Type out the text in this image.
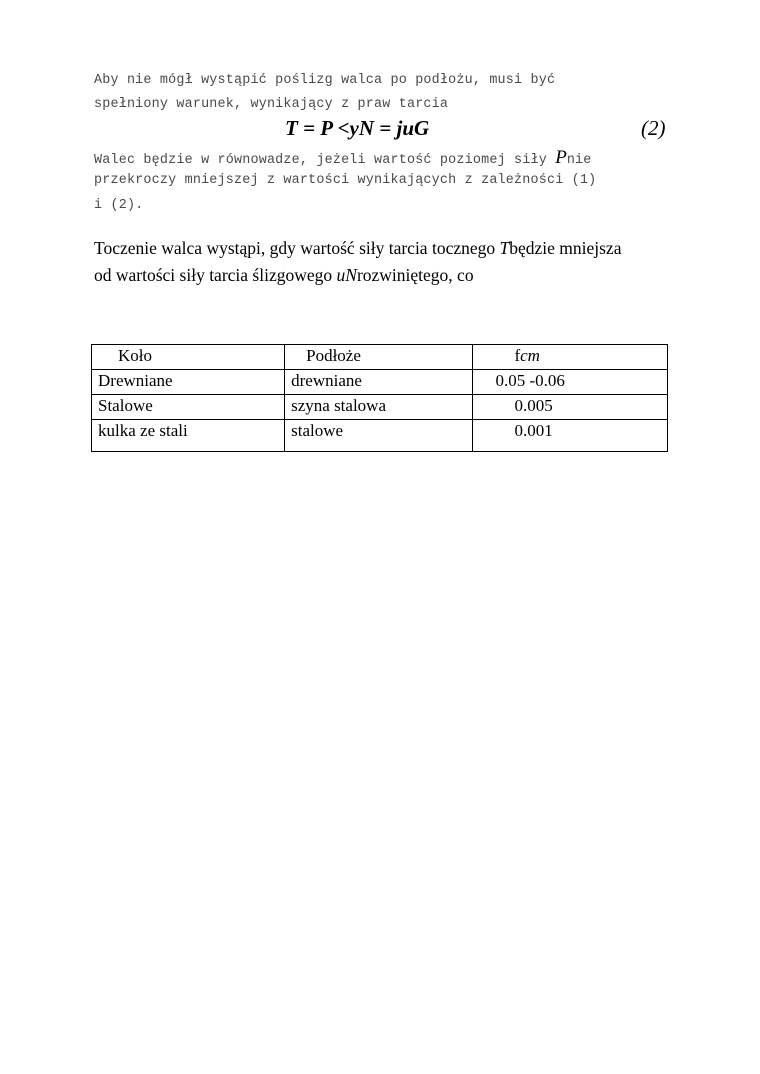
Aby nie mógł wystąpić poślizg walca po podłożu, musi być
spełniony warunek, wynikający z praw tarcia
T = P <yN = juG	(2)
Walec będzie w równowadze, jeżeli wartość poziomej siły Pnie
przekroczy mniejszej z wartości wynikających z zależności (1)
i (2).
Toczenie walca wystąpi, gdy wartość siły tarcia tocznego Tbędzie mniejsza
od wartości siły tarcia ślizgowego uNrozwiniętego, co
Koło	Podłoże	fcm
Drewniane	drewniane	0.05 -0.06
Stalowe	szyna stalowa	0.005
kulka ze stali	stalowe	0.001
